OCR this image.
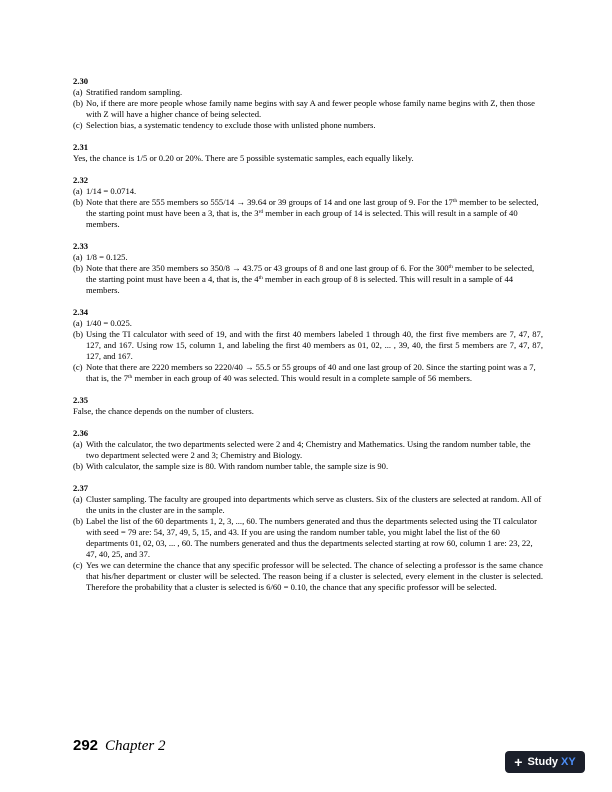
2.30
(a) Stratified random sampling.
(b) No, if there are more people whose family name begins with say A and fewer people whose family name begins with Z, then those with Z will have a higher chance of being selected.
(c) Selection bias, a systematic tendency to exclude those with unlisted phone numbers.
2.31
Yes, the chance is 1/5 or 0.20 or 20%. There are 5 possible systematic samples, each equally likely.
2.32
(a) 1/14 = 0.0714.
(b) Note that there are 555 members so 555/14 → 39.64 or 39 groups of 14 and one last group of 9. For the 17th member to be selected, the starting point must have been a 3, that is, the 3rd member in each group of 14 is selected. This will result in a sample of 40 members.
2.33
(a) 1/8 = 0.125.
(b) Note that there are 350 members so 350/8 → 43.75 or 43 groups of 8 and one last group of 6. For the 300th member to be selected, the starting point must have been a 4, that is, the 4th member in each group of 8 is selected. This will result in a sample of 44 members.
2.34
(a) 1/40 = 0.025.
(b) Using the TI calculator with seed of 19, and with the first 40 members labeled 1 through 40, the first five members are 7, 47, 87, 127, and 167. Using row 15, column 1, and labeling the first 40 members as 01, 02, ... , 39, 40, the first 5 members are 7, 47, 87, 127, and 167.
(c) Note that there are 2220 members so 2220/40 → 55.5 or 55 groups of 40 and one last group of 20. Since the starting point was a 7, that is, the 7th member in each group of 40 was selected. This would result in a complete sample of 56 members.
2.35
False, the chance depends on the number of clusters.
2.36
(a) With the calculator, the two departments selected were 2 and 4; Chemistry and Mathematics. Using the random number table, the two department selected were 2 and 3; Chemistry and Biology.
(b) With calculator, the sample size is 80. With random number table, the sample size is 90.
2.37
(a) Cluster sampling. The faculty are grouped into departments which serve as clusters. Six of the clusters are selected at random. All of the units in the cluster are in the sample.
(b) Label the list of the 60 departments 1, 2, 3, ..., 60. The numbers generated and thus the departments selected using the TI calculator with seed = 79 are: 54, 37, 49, 5, 15, and 43. If you are using the random number table, you might label the list of the 60 departments 01, 02, 03, ... , 60. The numbers generated and thus the departments selected starting at row 60, column 1 are: 23, 22, 47, 40, 25, and 37.
(c) Yes we can determine the chance that any specific professor will be selected. The chance of selecting a professor is the same chance that his/her department or cluster will be selected. The reason being if a cluster is selected, every element in the cluster is selected. Therefore the probability that a cluster is selected is 6/60 = 0.10, the chance that any specific professor will be selected.
292 Chapter 2
+ Study XY
